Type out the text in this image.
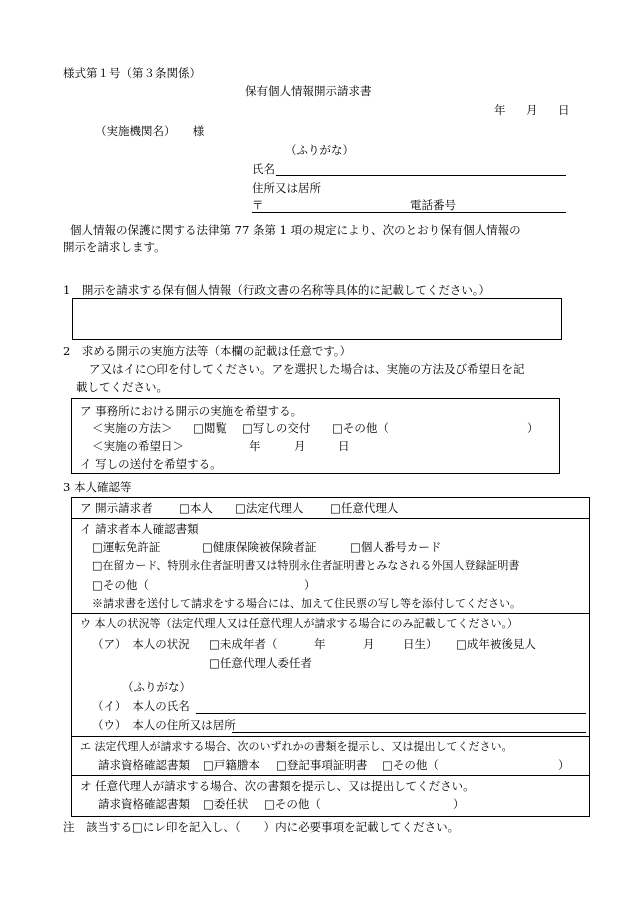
様式第１号（第３条関係）
保有個人情報開示請求書
年 月 日
（実施機関名）　　様
（ふりがな）
氏名
住所又は居所
〒	電話番号
個人情報の保護に関する法律第 77 条第 1 項の規定により、次のとおり保有個人情報の
開示を請求します。
1　開示を請求する保有個人情報（行政文書の名称等具体的に記載してください。）
2　求める開示の実施方法等（本欄の記載は任意です。）
ア又はイに○印を付してください。アを選択した場合は、実施の方法及び希望日を記
載してください。
ア 事務所における開示の実施を希望する。
＜実施の方法＞ □閲覧 □写しの交付 □その他（	）
＜実施の希望日＞	年	月	日
イ 写しの送付を希望する。
3 本人確認等
ア 開示請求者 □本人 □法定代理人 □任意代理人
イ 請求者本人確認書類
□運転免許証	□健康保険被保険者証	□個人番号カード
□在留カード、特別永住者証明書又は特別永住者証明書とみなされる外国人登録証明書
□その他（	）
※請求書を送付して請求をする場合には、加えて住民票の写し等を添付してください。
ウ 本人の状況等（法定代理人又は任意代理人が請求する場合にのみ記載してください。）
（ア）　本人の状況 □未成年者（	年	月 日生） □成年被後見人
□任意代理人委任者
（ふりがな）
（イ）　本人の氏名
（ウ）　本人の住所又は居所
エ 法定代理人が請求する場合、次のいずれかの書類を提示し、又は提出してください。
請求資格確認書類 □戸籍謄本 □登記事項証明書 □その他（	）
オ 任意代理人が請求する場合、次の書類を提示し、又は提出してください。
請求資格確認書類 □委任状 □その他（	）
注　該当する□にレ印を記入し、（　　）内に必要事項を記載してください。
